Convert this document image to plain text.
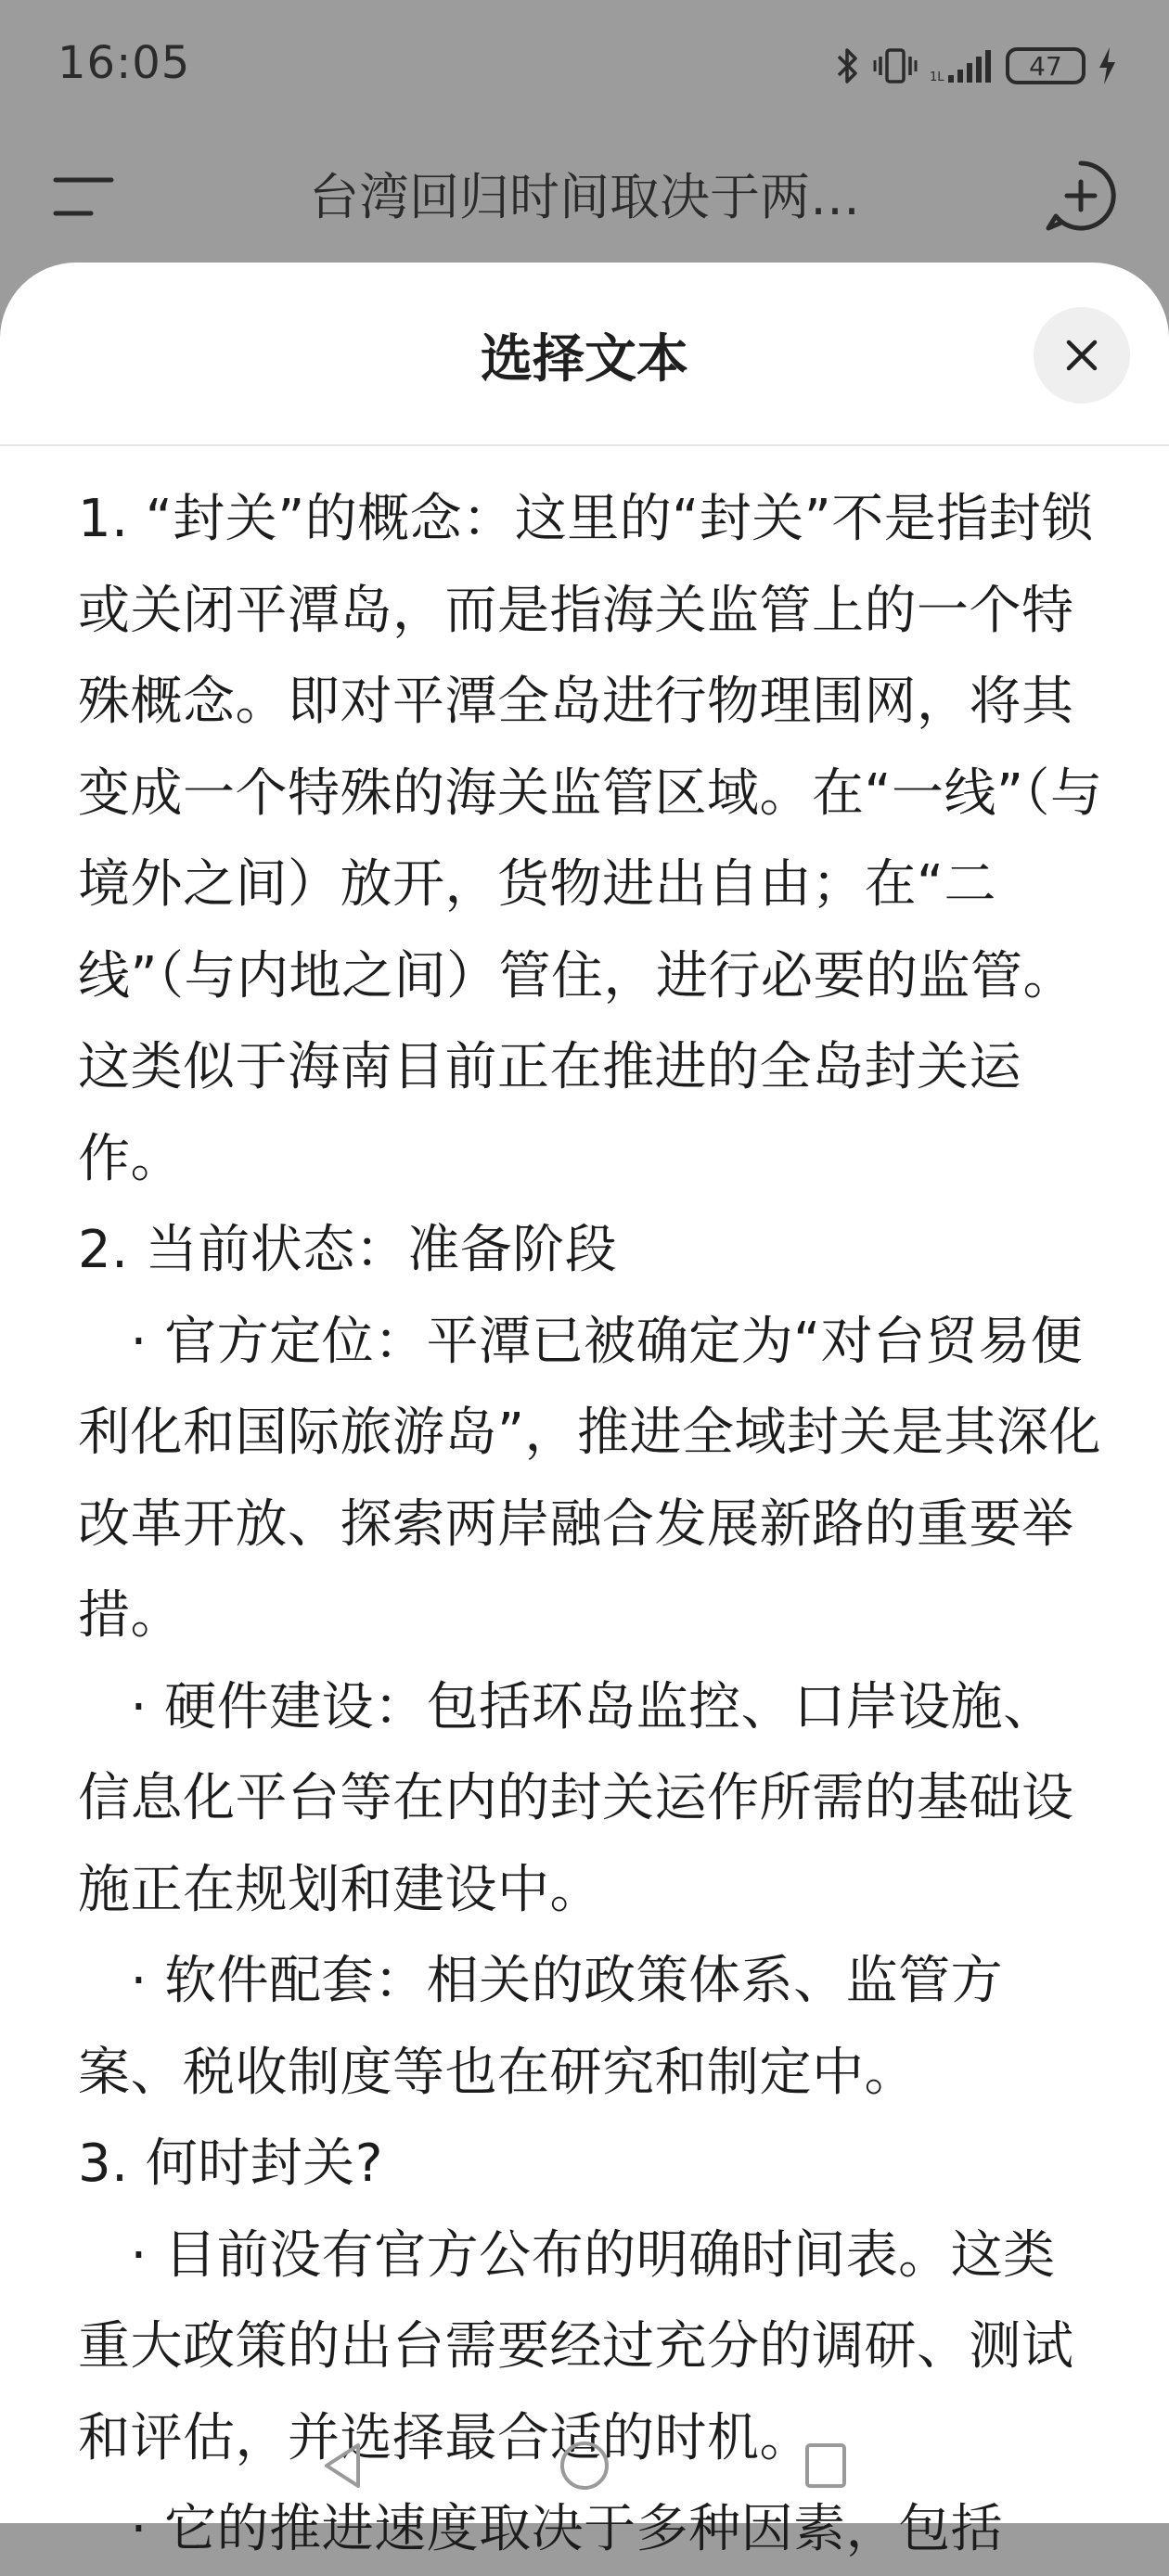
16:05	1L	47
台湾回归时间取决于两…
选择文本

1. “封关”的概念：这里的“封关”不是指封锁或关闭平潭岛，而是指海关监管上的一个特殊概念。即对平潭全岛进行物理围网，将其变成一个特殊的海关监管区域。在“一线”（与境外之间）放开，货物进出自由；在“二线”（与内地之间）管住，进行必要的监管。这类似于海南目前正在推进的全岛封关运作。

2. 当前状态：准备阶段

　· 官方定位：平潭已被确定为“对台贸易便利化和国际旅游岛”，推进全域封关是其深化改革开放、探索两岸融合发展新路的重要举措。

　· 硬件建设：包括环岛监控、口岸设施、信息化平台等在内的封关运作所需的基础设施正在规划和建设中。

　· 软件配套：相关的政策体系、监管方案、税收制度等也在研究和制定中。

3. 何时封关?

　· 目前没有官方公布的明确时间表。这类重大政策的出台需要经过充分的调研、测试和评估，并选择最合适的时机。

　· 它的推进速度取决于多种因素，包括
